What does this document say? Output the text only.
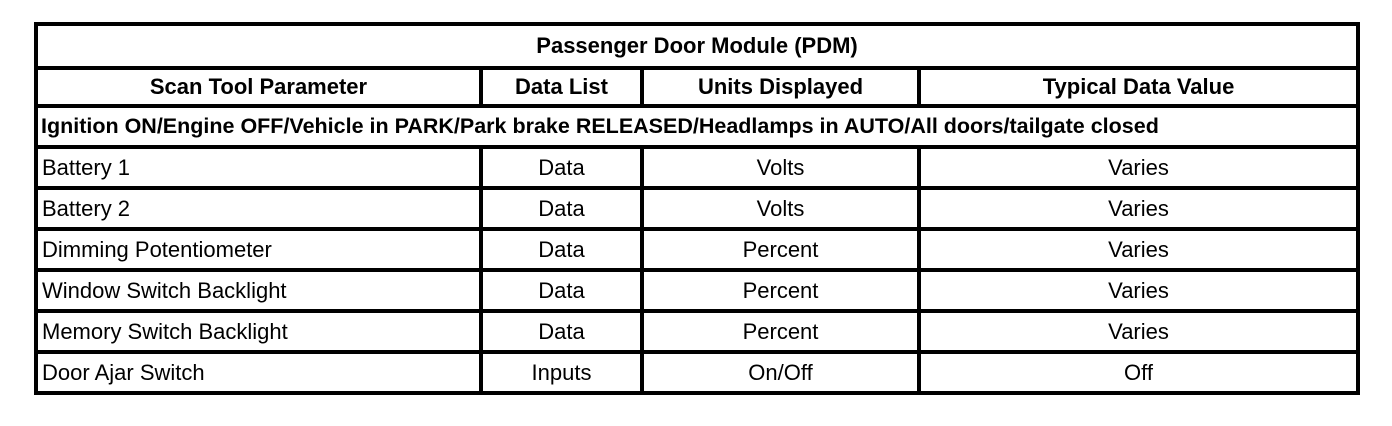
Passenger Door Module (PDM)			
Scan Tool Parameter	Data List	Units Displayed	Typical Data Value
Ignition ON/Engine OFF/Vehicle in PARK/Park brake RELEASED/Headlamps in AUTO/All doors/tailgate closed			
Battery 1	Data	Volts	Varies
Battery 2	Data	Volts	Varies
Dimming Potentiometer	Data	Percent	Varies
Window Switch Backlight	Data	Percent	Varies
Memory Switch Backlight	Data	Percent	Varies
Door Ajar Switch	Inputs	On/Off	Off
